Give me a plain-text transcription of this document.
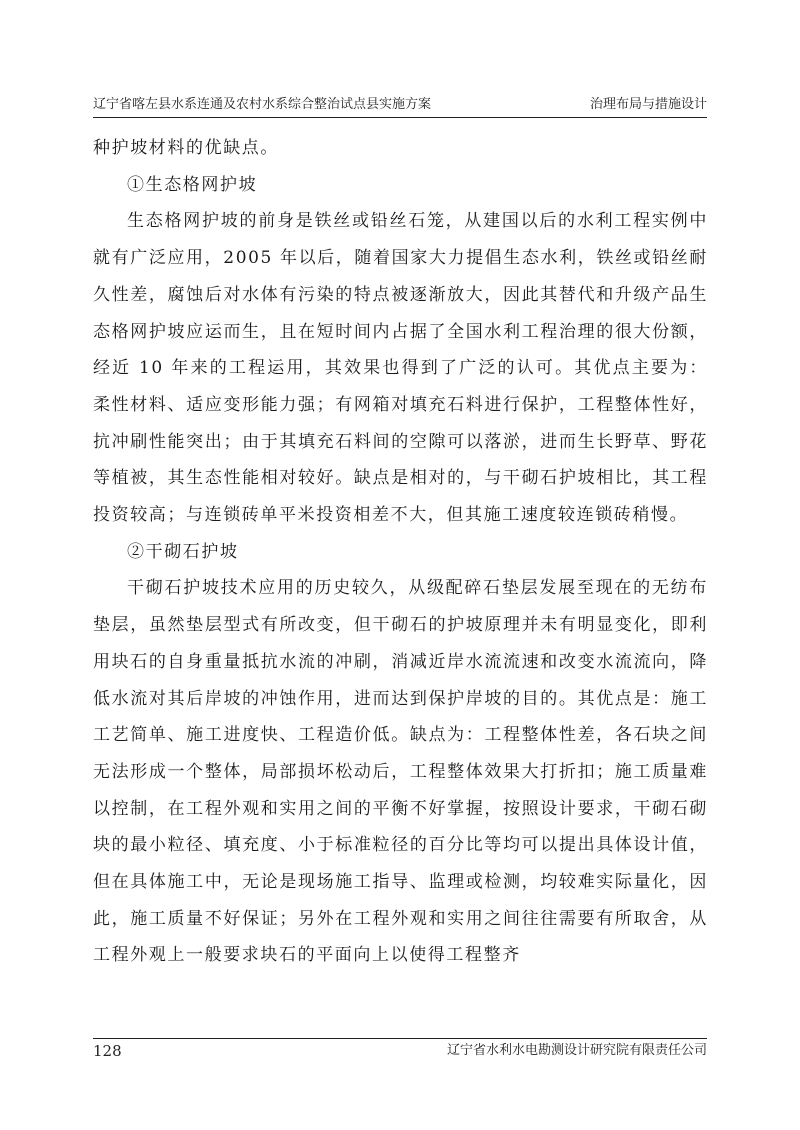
辽宁省喀左县水系连通及农村水系综合整治试点县实施方案	治理布局与措施设计

种护坡材料的优缺点。

①生态格网护坡

生态格网护坡的前身是铁丝或铅丝石笼，从建国以后的水利工程实例中就有广泛应用，2005 年以后，随着国家大力提倡生态水利，铁丝或铅丝耐久性差，腐蚀后对水体有污染的特点被逐渐放大，因此其替代和升级产品生态格网护坡应运而生，且在短时间内占据了全国水利工程治理的很大份额，经近 10 年来的工程运用，其效果也得到了广泛的认可。其优点主要为：柔性材料、适应变形能力强；有网箱对填充石料进行保护，工程整体性好，抗冲刷性能突出；由于其填充石料间的空隙可以落淤，进而生长野草、野花等植被，其生态性能相对较好。缺点是相对的，与干砌石护坡相比，其工程投资较高；与连锁砖单平米投资相差不大，但其施工速度较连锁砖稍慢。

②干砌石护坡

干砌石护坡技术应用的历史较久，从级配碎石垫层发展至现在的无纺布垫层，虽然垫层型式有所改变，但干砌石的护坡原理并未有明显变化，即利用块石的自身重量抵抗水流的冲刷，消减近岸水流流速和改变水流流向，降低水流对其后岸坡的冲蚀作用，进而达到保护岸坡的目的。其优点是：施工工艺简单、施工进度快、工程造价低。缺点为：工程整体性差，各石块之间无法形成一个整体，局部损坏松动后，工程整体效果大打折扣；施工质量难以控制，在工程外观和实用之间的平衡不好掌握，按照设计要求，干砌石砌块的最小粒径、填充度、小于标准粒径的百分比等均可以提出具体设计值，但在具体施工中，无论是现场施工指导、监理或检测，均较难实际量化，因此，施工质量不好保证；另外在工程外观和实用之间往往需要有所取舍，从工程外观上一般要求块石的平面向上以使得工程整齐

128	辽宁省水利水电勘测设计研究院有限责任公司
